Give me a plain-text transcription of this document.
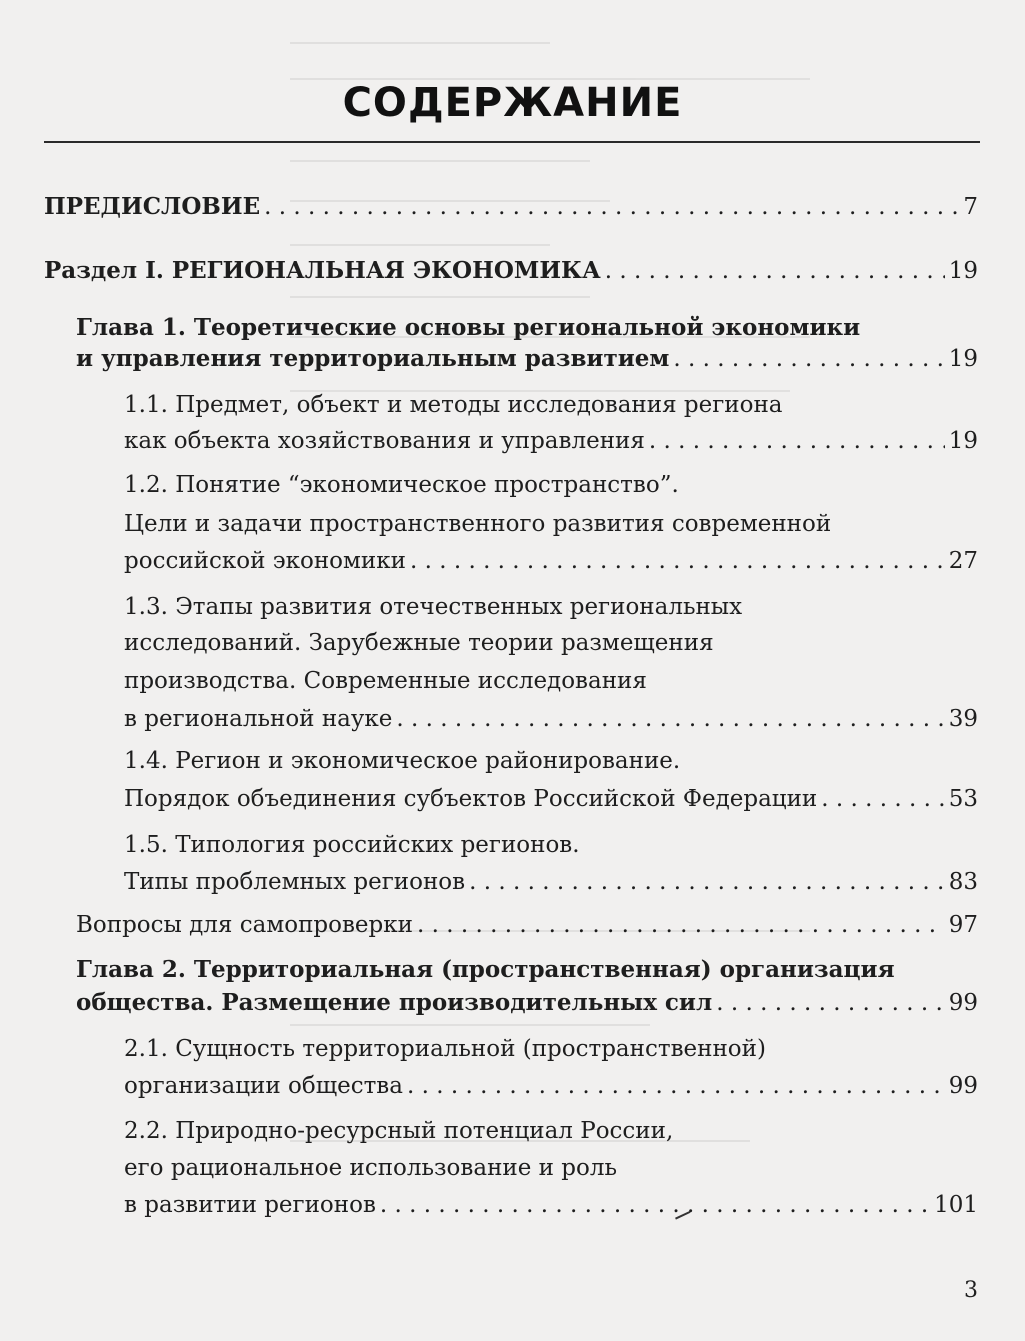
СОДЕРЖАНИЕ
ПРЕДИСЛОВИЕ . . .	7
Раздел I. РЕГИОНАЛЬНАЯ ЭКОНОМИКА . . .	19
Глава 1. Теоретические основы региональной экономики
и управления территориальным развитием . . .	19
1.1. Предмет, объект и методы исследования региона
как объекта хозяйствования и управления . . .	19
1.2. Понятие “экономическое пространство”.
Цели и задачи пространственного развития современной
российской экономики . . .	27
1.3. Этапы развития отечественных региональных
исследований. Зарубежные теории размещения
производства. Современные исследования
в региональной науке . . .	39
1.4. Регион и экономическое районирование.
Порядок объединения субъектов Российской Федерации . . .	53
1.5. Типология российских регионов.
Типы проблемных регионов . . .	83
Вопросы для самопроверки . . .	97
Глава 2. Территориальная (пространственная) организация
общества. Размещение производительных сил . . .	99
2.1. Сущность территориальной (пространственной)
организации общества . . .	99
2.2. Природно-ресурсный потенциал России,
его рациональное использование и роль
в развитии регионов . . .	101
3
